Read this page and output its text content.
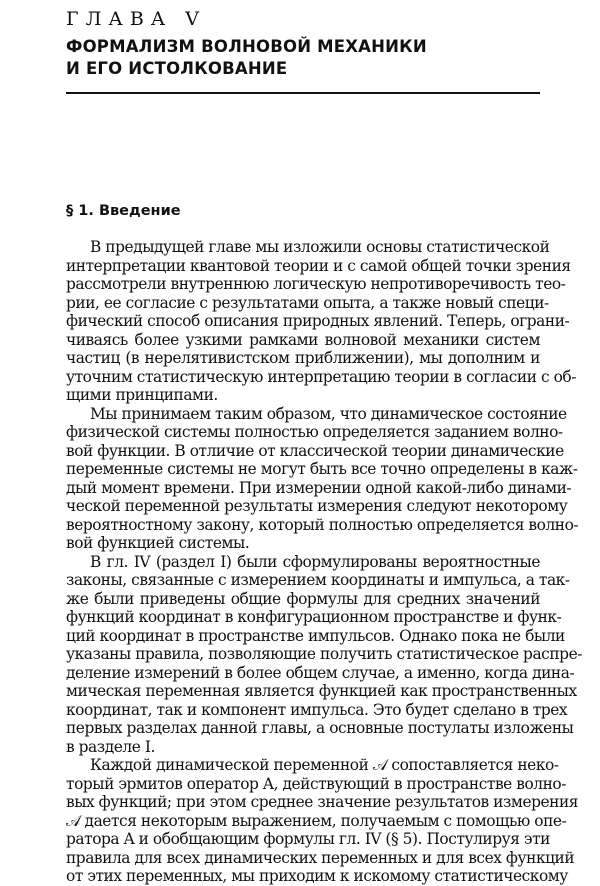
ГЛАВА V
ФОРМАЛИЗМ ВОЛНОВОЙ МЕХАНИКИ
И ЕГО ИСТОЛКОВАНИЕ
§ 1. Введение
В предыдущей главе мы изложили основы статистической
интерпретации квантовой теории и с самой общей точки зрения
рассмотрели внутреннюю логическую непротиворечивость тео-
рии, ее согласие с результатами опыта, а также новый специ-
фический способ описания природных явлений. Теперь, ограни-
чиваясь более узкими рамками волновой механики систем
частиц (в нерелятивистском приближении), мы дополним и
уточним статистическую интерпретацию теории в согласии с об-
щими принципами.
Мы принимаем таким образом, что динамическое состояние
физической системы полностью определяется заданием волно-
вой функции. В отличие от классической теории динамические
переменные системы не могут быть все точно определены в каж-
дый момент времени. При измерении одной какой-либо динами-
ческой переменной результаты измерения следуют некоторому
вероятностному закону, который полностью определяется волно-
вой функцией системы.
В гл. IV (раздел I) были сформулированы вероятностные
законы, связанные с измерением координаты и импульса, а так-
же были приведены общие формулы для средних значений
функций координат в конфигурационном пространстве и функ-
ций координат в пространстве импульсов. Однако пока не были
указаны правила, позволяющие получить статистическое распре-
деление измерений в более общем случае, а именно, когда дина-
мическая переменная является функцией как пространственных
координат, так и компонент импульса. Это будет сделано в трех
первых разделах данной главы, а основные постулаты изложены
в разделе I.
Каждой динамической переменной 𝒜 сопоставляется неко-
торый эрмитов оператор A, действующий в пространстве волно-
вых функций; при этом среднее значение результатов измерения
𝒜 дается некоторым выражением, получаемым с помощью опе-
ратора A и обобщающим формулы гл. IV (§ 5). Постулируя эти
правила для всех динамических переменных и для всех функций
от этих переменных, мы приходим к искомому статистическому
